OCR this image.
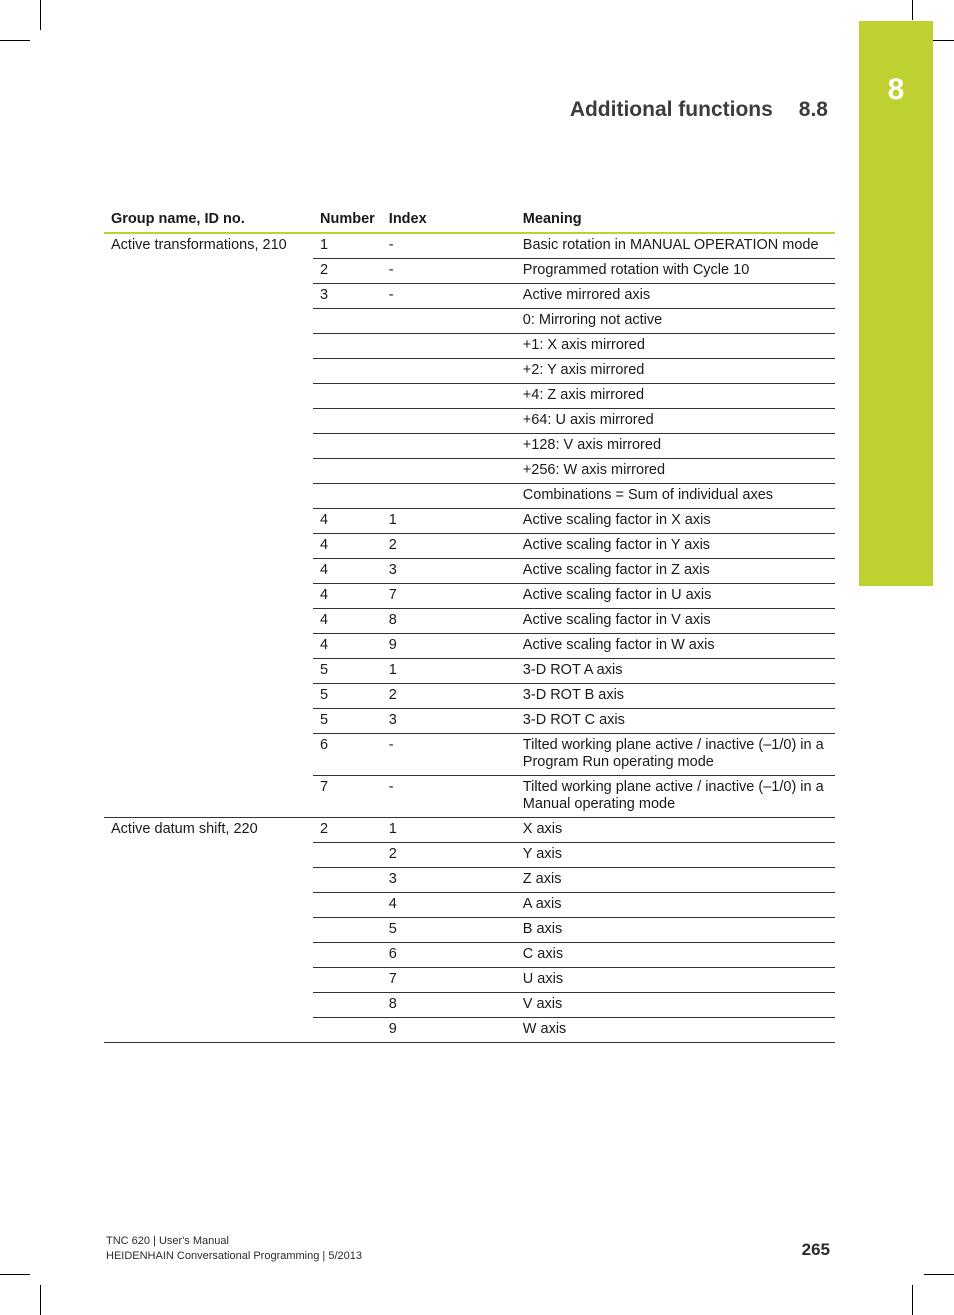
8
Additional functions 8.8
Group name, ID no.	Number	Index	Meaning
Active transformations, 210	1	-	Basic rotation in MANUAL OPERATION mode
	2	-	Programmed rotation with Cycle 10
	3	-	Active mirrored axis
			0: Mirroring not active
			+1: X axis mirrored
			+2: Y axis mirrored
			+4: Z axis mirrored
			+64: U axis mirrored
			+128: V axis mirrored
			+256: W axis mirrored
			Combinations = Sum of individual axes
	4	1	Active scaling factor in X axis
	4	2	Active scaling factor in Y axis
	4	3	Active scaling factor in Z axis
	4	7	Active scaling factor in U axis
	4	8	Active scaling factor in V axis
	4	9	Active scaling factor in W axis
	5	1	3-D ROT A axis
	5	2	3-D ROT B axis
	5	3	3-D ROT C axis
	6	-	Tilted working plane active / inactive (–1/0) in a Program Run operating mode
	7	-	Tilted working plane active / inactive (–1/0) in a Manual operating mode
Active datum shift, 220	2	1	X axis
		2	Y axis
		3	Z axis
		4	A axis
		5	B axis
		6	C axis
		7	U axis
		8	V axis
		9	W axis
TNC 620 | User's Manual
HEIDENHAIN Conversational Programming | 5/2013	265
